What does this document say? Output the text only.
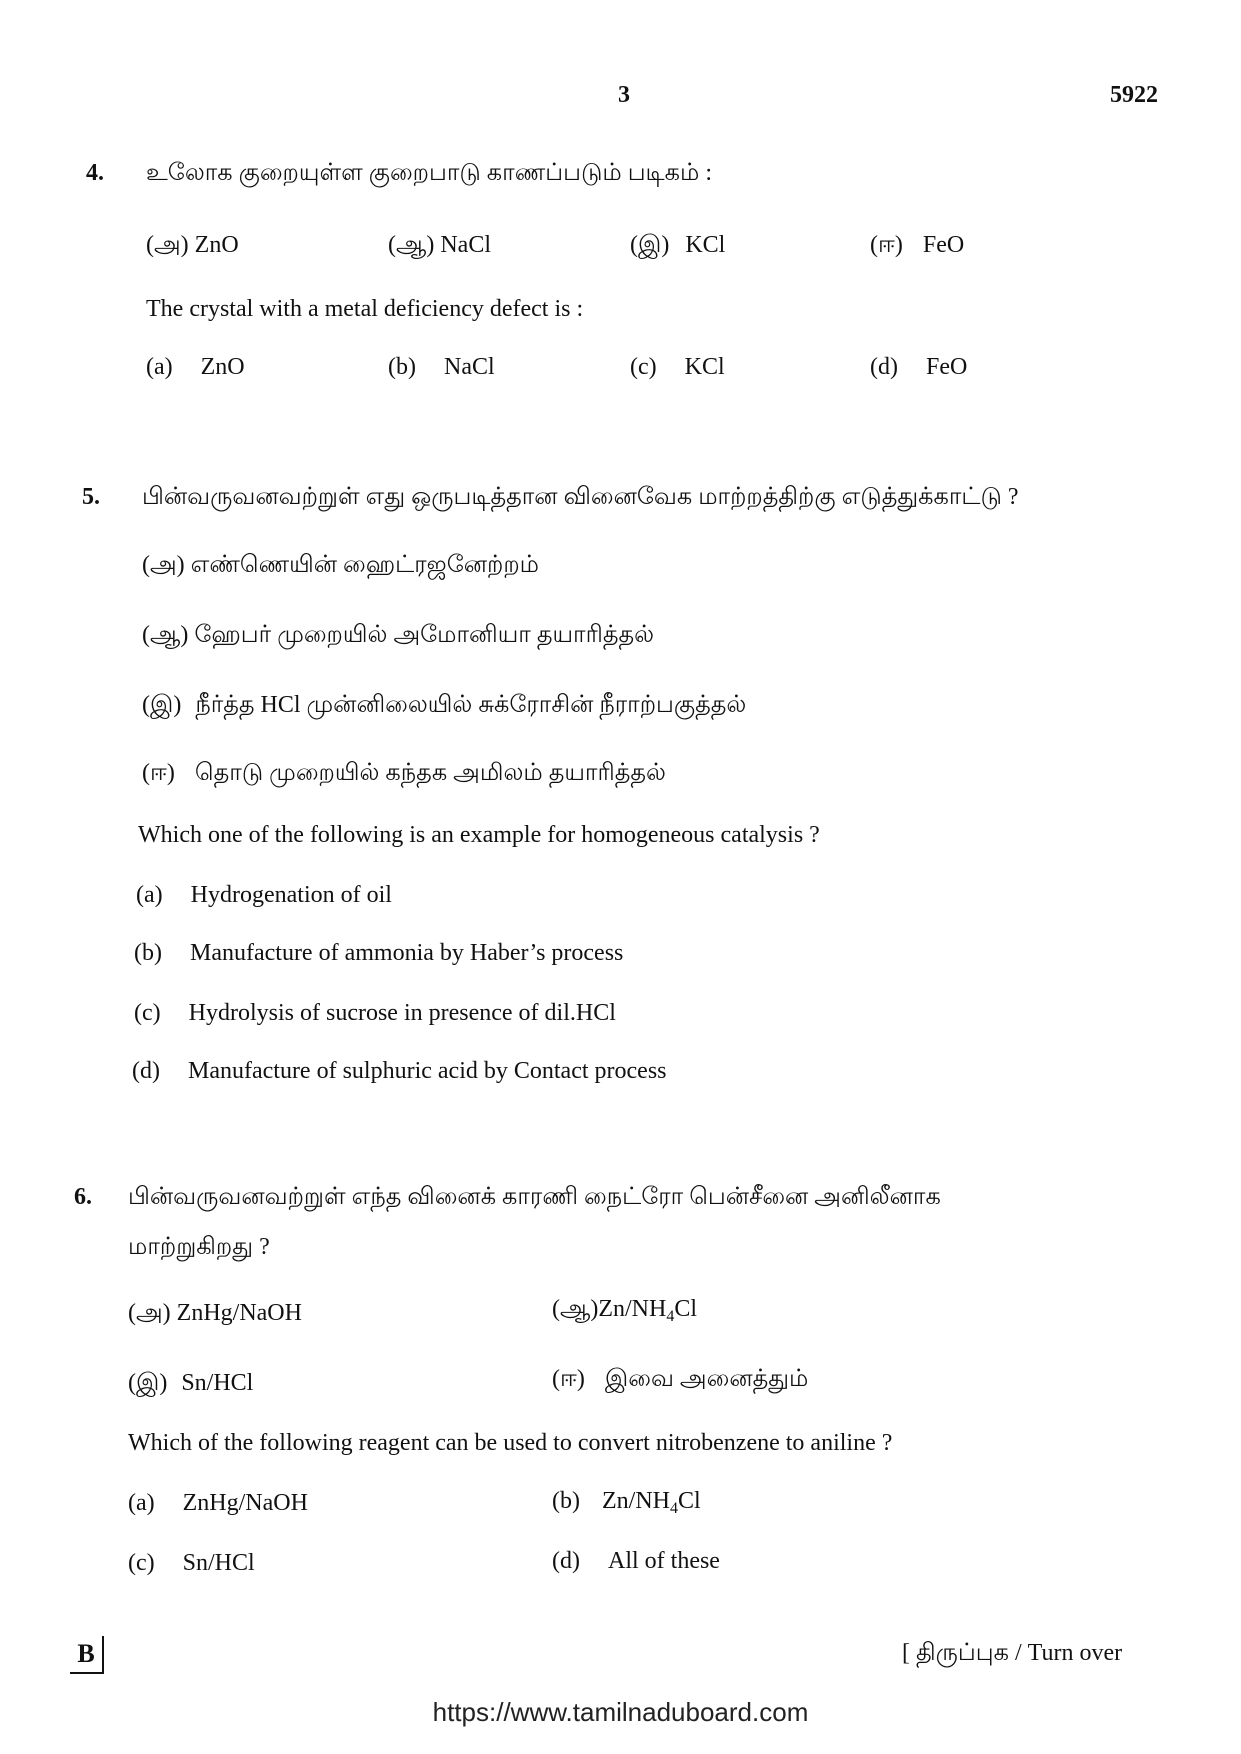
3	5922
4. உலோக குறையுள்ள குறைபாடு காணப்படும் படிகம் :
(அ) ZnO	(ஆ) NaCl	(இ) KCl	(ஈ) FeO
The crystal with a metal deficiency defect is :
(a) ZnO	(b) NaCl	(c) KCl	(d) FeO
5. பின்வருவனவற்றுள் எது ஒருபடித்தான வினைவேக மாற்றத்திற்கு எடுத்துக்காட்டு ?
(அ) எண்ணெயின் ஹைட்ரஜனேற்றம்
(ஆ) ஹேபர் முறையில் அமோனியா தயாரித்தல்
(இ) நீர்த்த HCl முன்னிலையில் சுக்ரோசின் நீராற்பகுத்தல்
(ஈ) தொடு முறையில் கந்தக அமிலம் தயாரித்தல்
Which one of the following is an example for homogeneous catalysis ?
(a) Hydrogenation of oil
(b) Manufacture of ammonia by Haber’s process
(c) Hydrolysis of sucrose in presence of dil.HCl
(d) Manufacture of sulphuric acid by Contact process
6. பின்வருவனவற்றுள் எந்த வினைக் காரணி நைட்ரோ பென்சீனை அனிலீனாக
மாற்றுகிறது ?
(அ) ZnHg/NaOH	$(ஆ)Zn/NH_4Cl$
(இ) Sn/HCl	(ஈ) இவை அனைத்தும்
Which of the following reagent can be used to convert nitrobenzene to aniline ?
(a) ZnHg/NaOH	(b) $Zn/NH_4Cl$
(c) Sn/HCl	(d) All of these
B	[ திருப்புக / Turn over
https://www.tamilnaduboard.com
